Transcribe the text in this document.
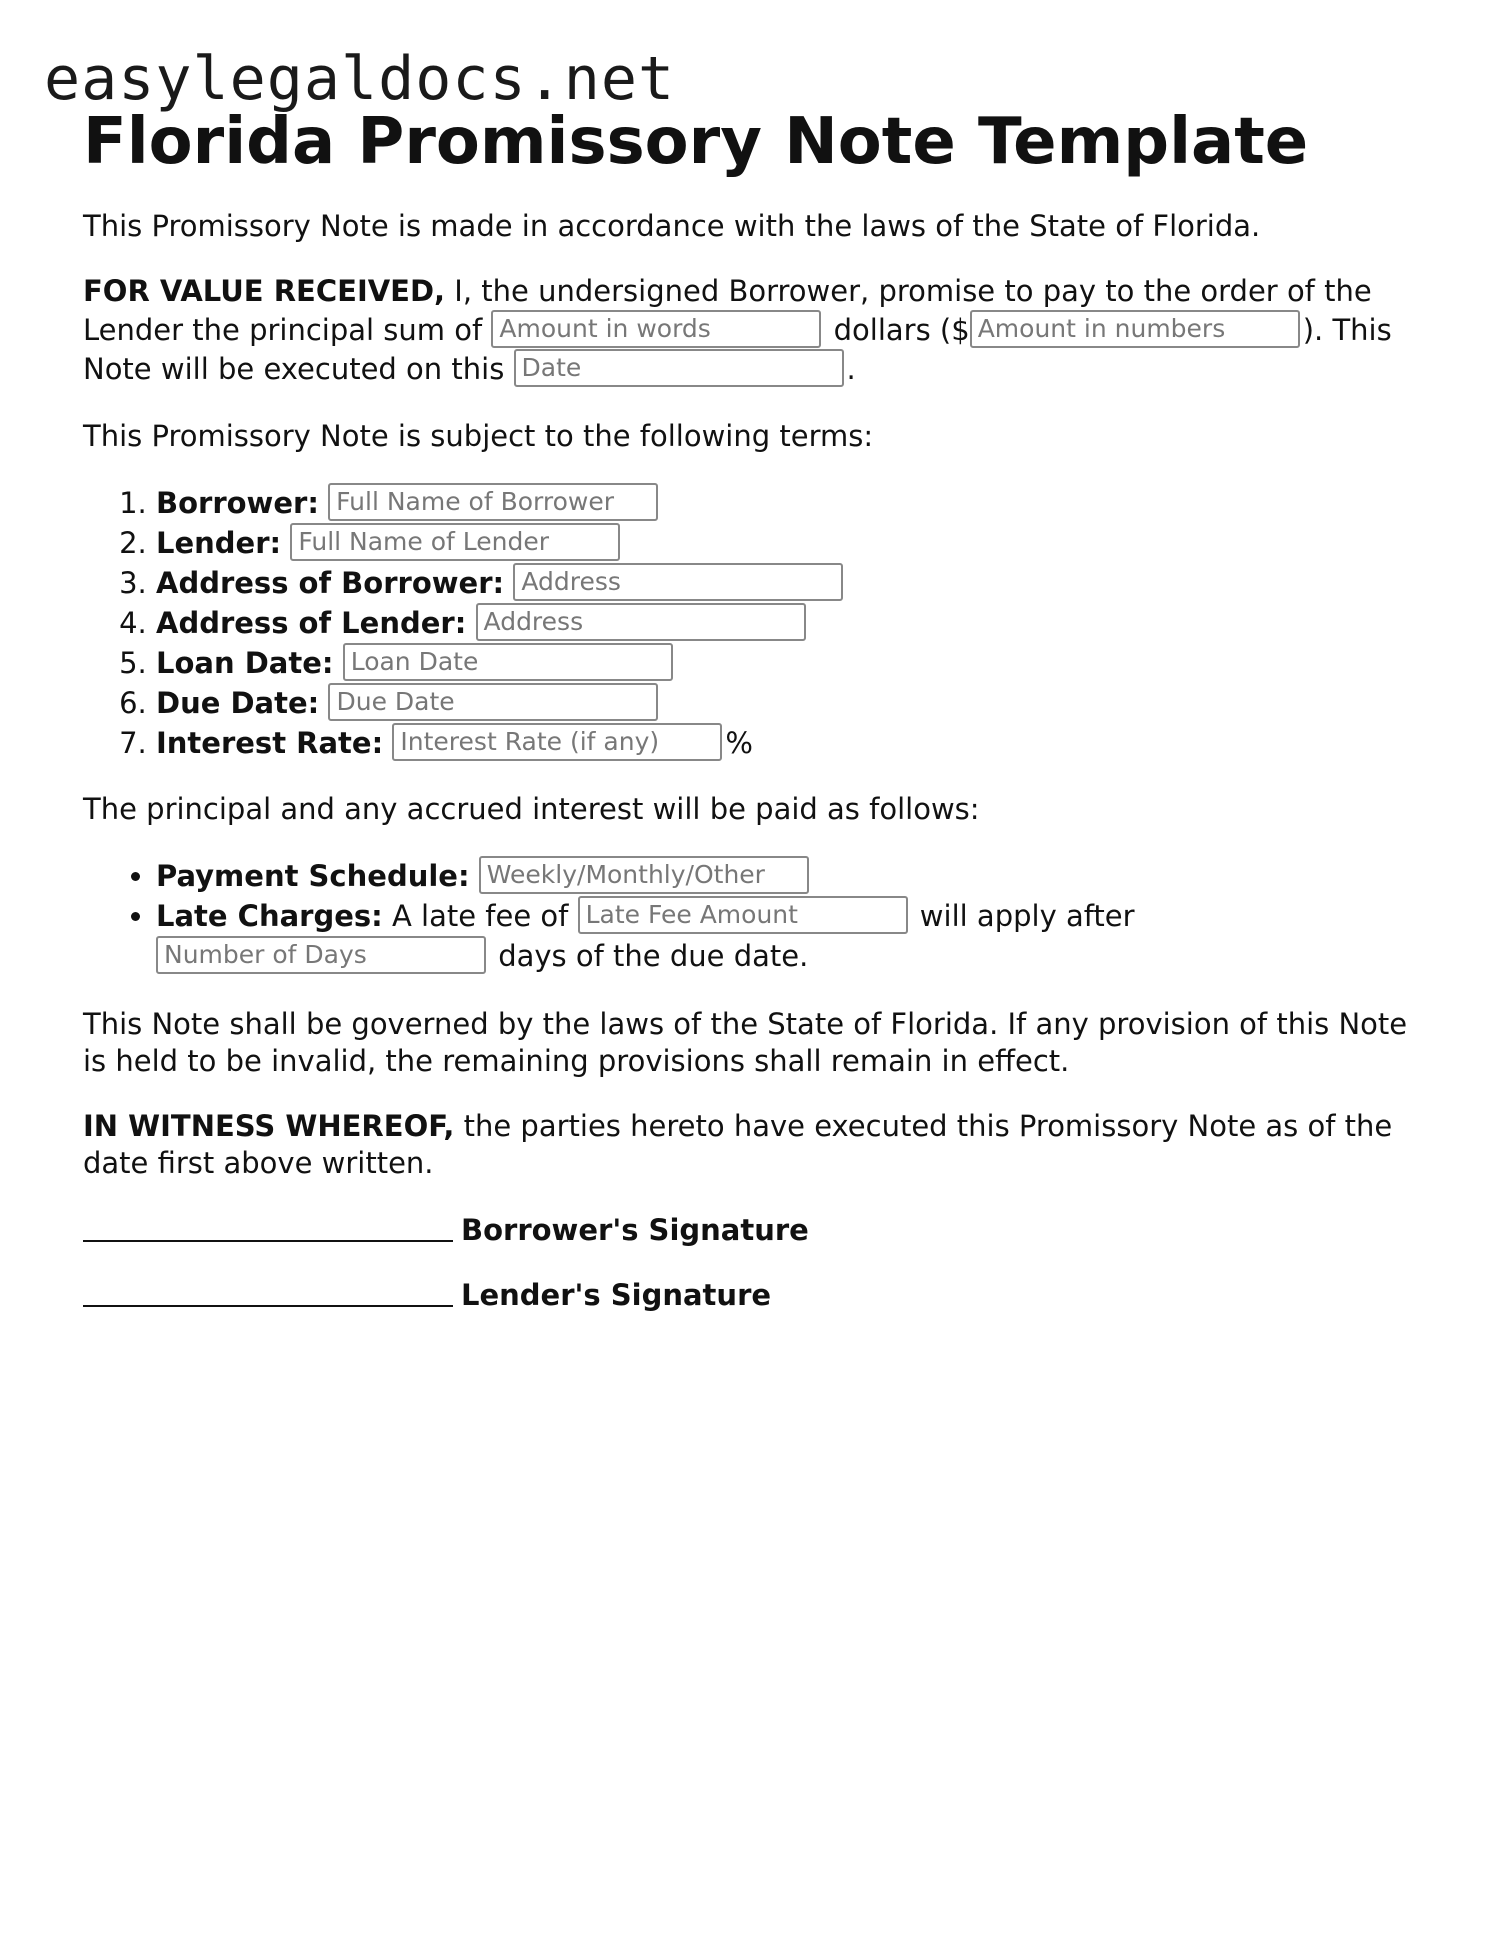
easylegaldocs.net
Florida Promissory Note Template

This Promissory Note is made in accordance with the laws of the State of Florida.

FOR VALUE RECEIVED, I, the undersigned Borrower, promise to pay to the order of the Lender the principal sum of Amount in words	dollars ($ Amount in numbers	). This Note will be executed on this Date	.

This Promissory Note is subject to the following terms:

1. Borrower: Full Name of Borrower
2. Lender: Full Name of Lender
3. Address of Borrower: Address
4. Address of Lender: Address
5. Loan Date: Loan Date
6. Due Date: Due Date
7. Interest Rate: Interest Rate (if any) %

The principal and any accrued interest will be paid as follows:

• Payment Schedule: Weekly/Monthly/Other
• Late Charges: A late fee of Late Fee Amount	will apply after Number of Days	days of the due date.

This Note shall be governed by the laws of the State of Florida. If any provision of this Note is held to be invalid, the remaining provisions shall remain in effect.

IN WITNESS WHEREOF, the parties hereto have executed this Promissory Note as of the date first above written.

Borrower's Signature
Lender's Signature
